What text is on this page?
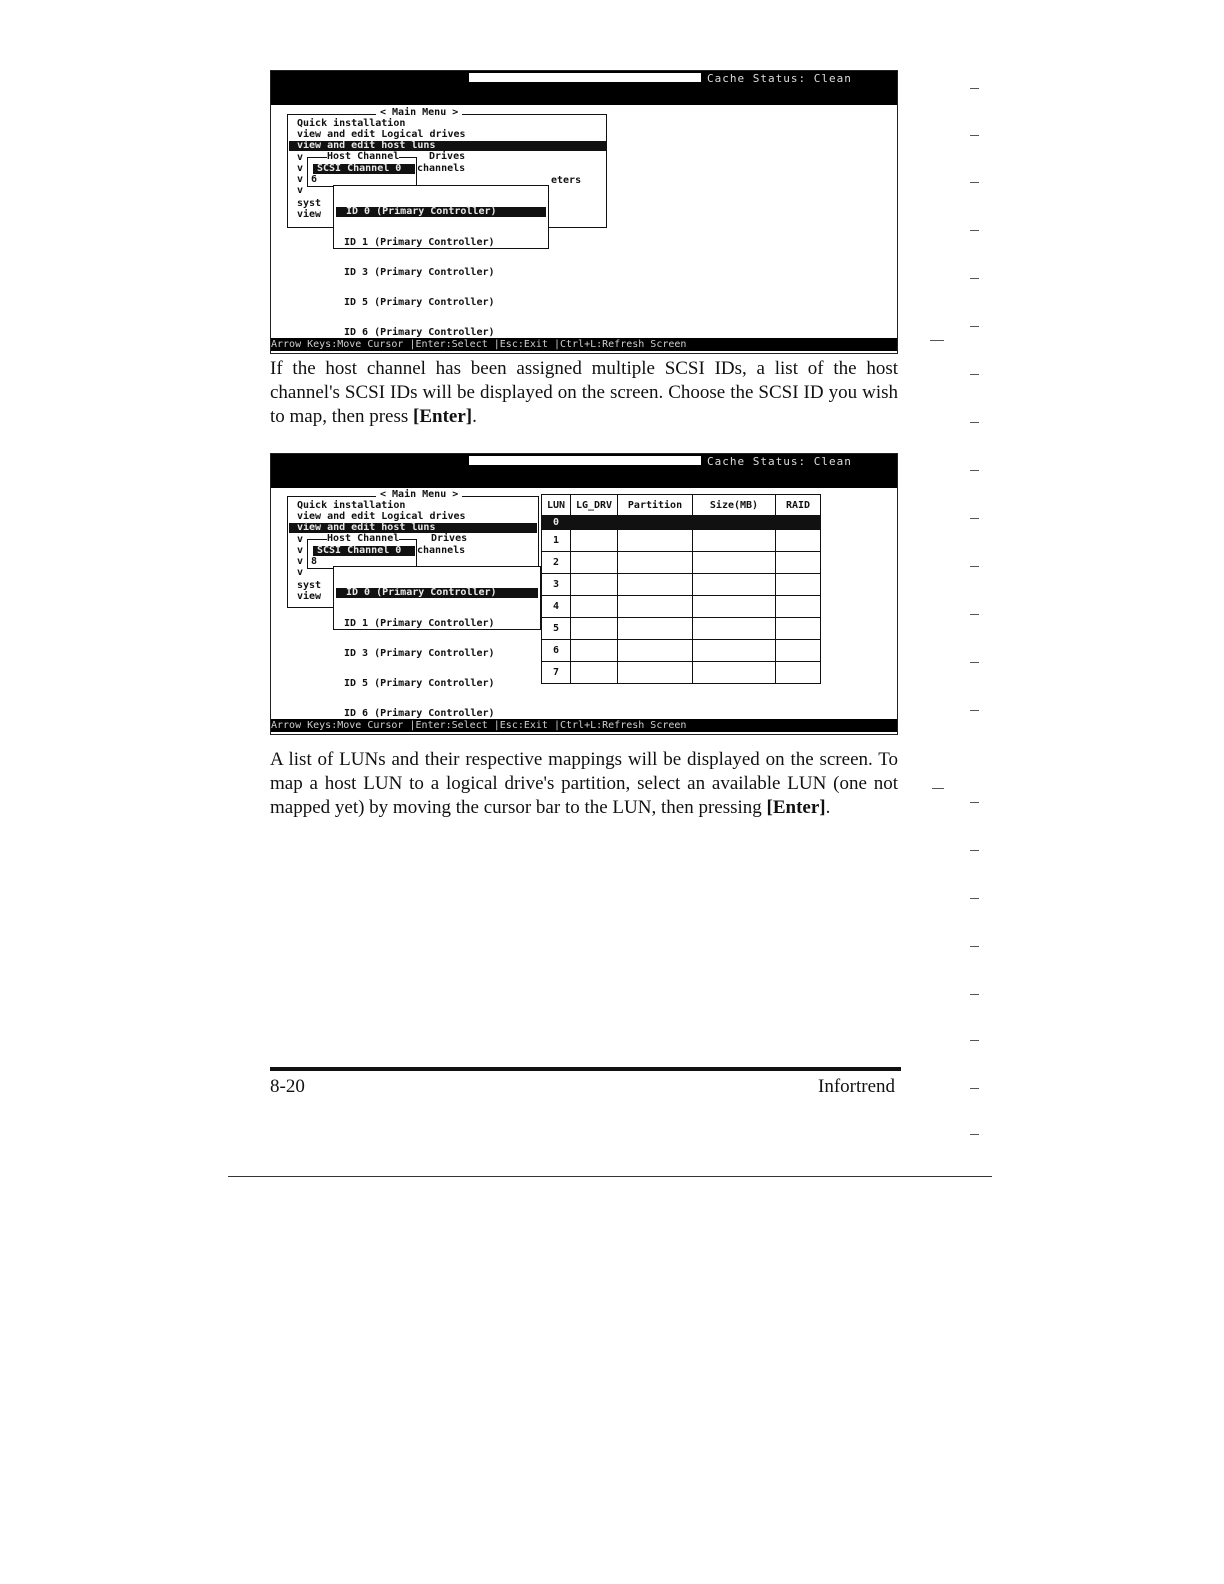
Cache Status: Clean
< Main Menu >
Quick installation
view and edit Logical drives
view and edit host luns
v
v
v
v
syst
view
Host Channel	Drives
SCSI Channel 0	channels
6	eters

ID 0 (Primary Controller)

ID 1 (Primary Controller)

ID 3 (Primary Controller)

ID 5 (Primary Controller)

ID 6 (Primary Controller)

Arrow Keys:Move Cursor |Enter:Select |Esc:Exit |Ctrl+L:Refresh Screen

If the host channel has been assigned multiple SCSI IDs, a list of the host channel's SCSI IDs will be displayed on the screen. Choose the SCSI ID you wish to map, then press [Enter].

Cache Status: Clean
< Main Menu >
Quick installation
view and edit Logical drives
view and edit host luns
v
v
v
v
syst
view
Host Channel	Drives
SCSI Channel 0	channels
8

ID 0 (Primary Controller)

ID 1 (Primary Controller)

ID 3 (Primary Controller)

ID 5 (Primary Controller)

ID 6 (Primary Controller)

LUN	LG_DRV	Partition	Size(MB)	RAID
0				
1				
2				
3				
4				
5				
6				
7				
Arrow Keys:Move Cursor |Enter:Select |Esc:Exit |Ctrl+L:Refresh Screen

A list of LUNs and their respective mappings will be displayed on the screen. To map a host LUN to a logical drive's partition, select an available LUN (one not mapped yet) by moving the cursor bar to the LUN, then pressing [Enter].

8-20	Infortrend
